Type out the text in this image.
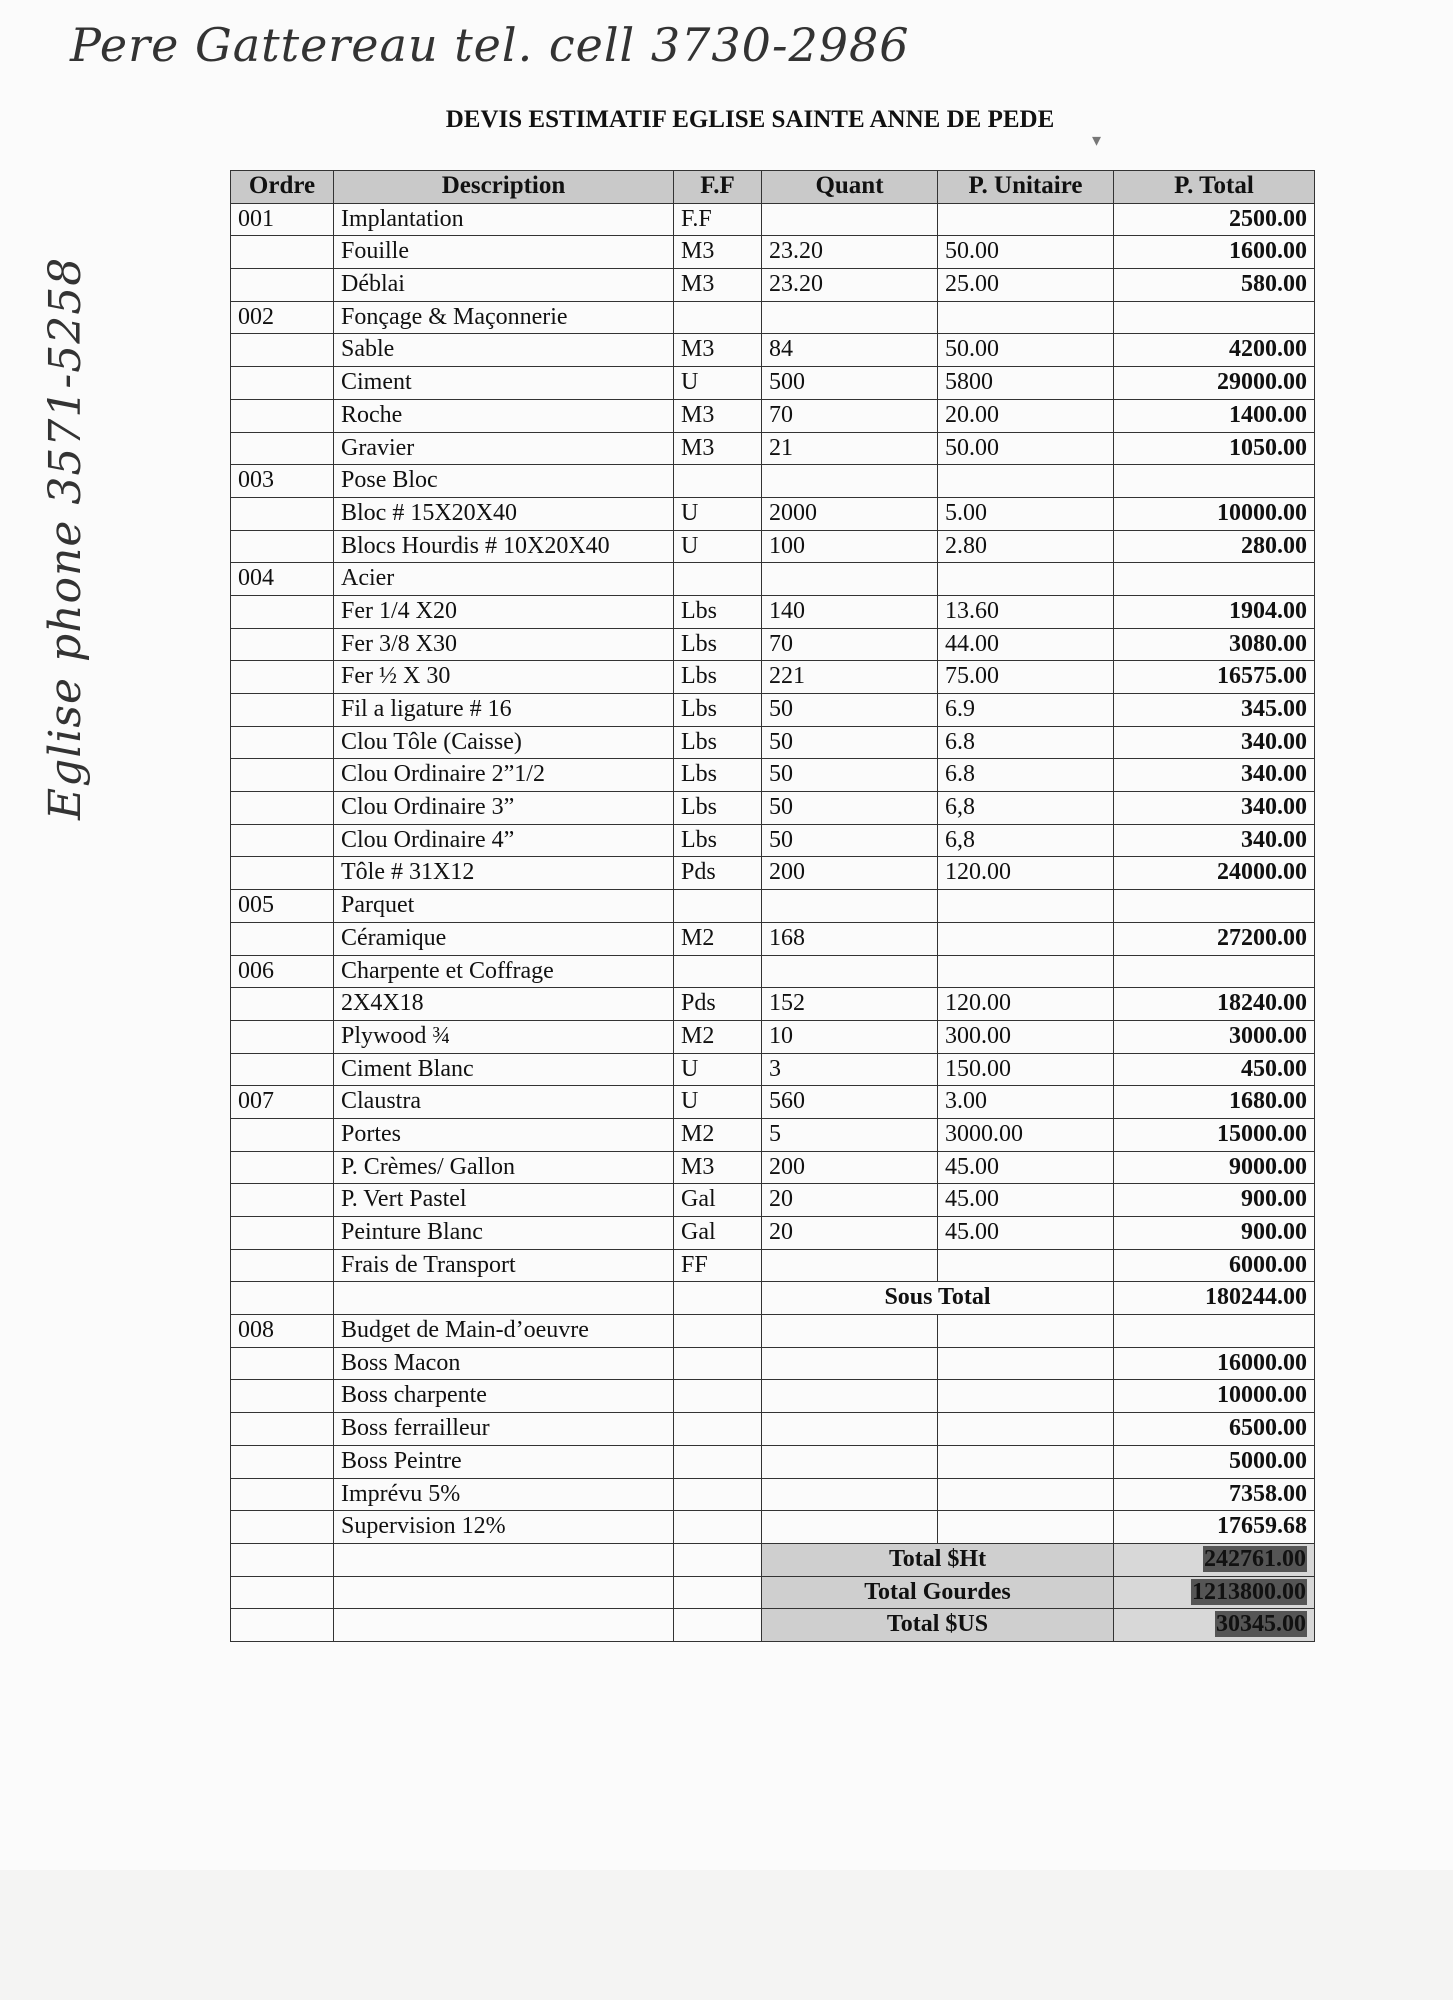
Pere Gattereau tel. cell 3730-2986
Eglise phone 3571-5258
DEVIS ESTIMATIF EGLISE SAINTE ANNE DE PEDE
Ordre	Description	F.F	Quant	P. Unitaire	P. Total
001	Implantation	F.F			2500.00
	Fouille	M3	23.20	50.00	1600.00
	Déblai	M3	23.20	25.00	580.00
002	Fonçage & Maçonnerie				
	Sable	M3	84	50.00	4200.00
	Ciment	U	500	5800	29000.00
	Roche	M3	70	20.00	1400.00
	Gravier	M3	21	50.00	1050.00
003	Pose Bloc				
	Bloc # 15X20X40	U	2000	5.00	10000.00
	Blocs Hourdis # 10X20X40	U	100	2.80	280.00
004	Acier				
	Fer 1/4 X20	Lbs	140	13.60	1904.00
	Fer 3/8 X30	Lbs	70	44.00	3080.00
	Fer ½ X 30	Lbs	221	75.00	16575.00
	Fil a ligature # 16	Lbs	50	6.9	345.00
	Clou Tôle (Caisse)	Lbs	50	6.8	340.00
	Clou Ordinaire 2”1/2	Lbs	50	6.8	340.00
	Clou Ordinaire 3”	Lbs	50	6,8	340.00
	Clou Ordinaire 4”	Lbs	50	6,8	340.00
	Tôle # 31X12	Pds	200	120.00	24000.00
005	Parquet				
	Céramique	M2	168		27200.00
006	Charpente et Coffrage				
	2X4X18	Pds	152	120.00	18240.00
	Plywood ¾	M2	10	300.00	3000.00
	Ciment Blanc	U	3	150.00	450.00
007	Claustra	U	560	3.00	1680.00
	Portes	M2	5	3000.00	15000.00
	P. Crèmes/ Gallon	M3	200	45.00	9000.00
	P. Vert Pastel	Gal	20	45.00	900.00
	Peinture Blanc	Gal	20	45.00	900.00
	Frais de Transport	FF			6000.00
			Sous Total		180244.00
008	Budget de Main-d’oeuvre				
	Boss Macon				16000.00
	Boss charpente				10000.00
	Boss ferrailleur				6500.00
	Boss Peintre				5000.00
	Imprévu 5%				7358.00
	Supervision 12%				17659.68
			Total $Ht		242761.00
			Total Gourdes		1213800.00
			Total $US		30345.00
▾
